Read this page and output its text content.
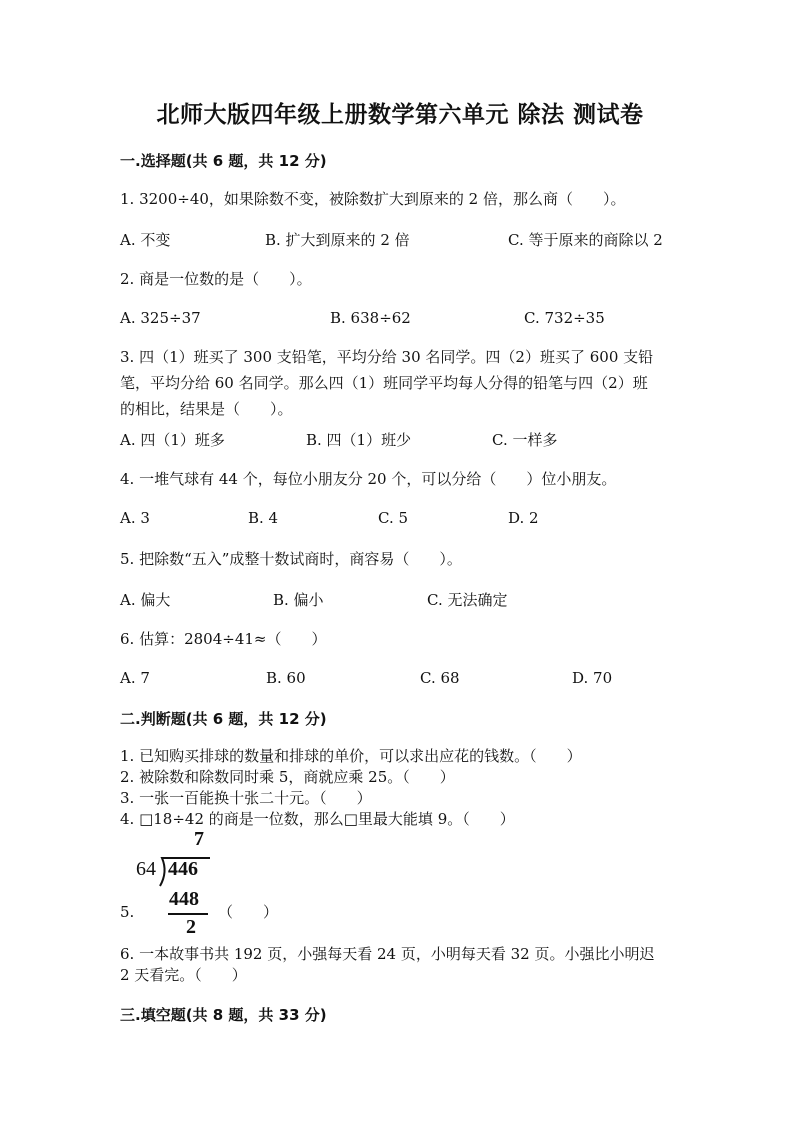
北师大版四年级上册数学第六单元 除法 测试卷
一.选择题(共 6 题，共 12 分)
1. 3200÷40，如果除数不变，被除数扩大到原来的 2 倍，那么商（　　）。
A. 不变	B. 扩大到原来的 2 倍	C. 等于原来的商除以 2
2. 商是一位数的是（　　）。
A. 325÷37	B. 638÷62	C. 732÷35
3. 四（1）班买了 300 支铅笔，平均分给 30 名同学。四（2）班买了 600 支铅
笔，平均分给 60 名同学。那么四（1）班同学平均每人分得的铅笔与四（2）班
的相比，结果是（　　）。
A. 四（1）班多	B. 四（1）班少	C. 一样多
4. 一堆气球有 44 个，每位小朋友分 20 个，可以分给（　　）位小朋友。
A. 3	B. 4	C. 5	D. 2
5. 把除数“五入”成整十数试商时，商容易（　　）。
A. 偏大	B. 偏小	C. 无法确定
6. 估算：2804÷41≈（　　）
A. 7	B. 60	C. 68	D. 70
二.判断题(共 6 题，共 12 分)
1. 已知购买排球的数量和排球的单价，可以求出应花的钱数。（　　）
2. 被除数和除数同时乘 5，商就应乘 25。（　　）
3. 一张一百能换十张二十元。（　　）
4. □18÷42 的商是一位数，那么□里最大能填 9。（　　）
7
64 446
448
2
5.	（　　）
6. 一本故事书共 192 页，小强每天看 24 页，小明每天看 32 页。小强比小明迟
2 天看完。（　　）
三.填空题(共 8 题，共 33 分)
